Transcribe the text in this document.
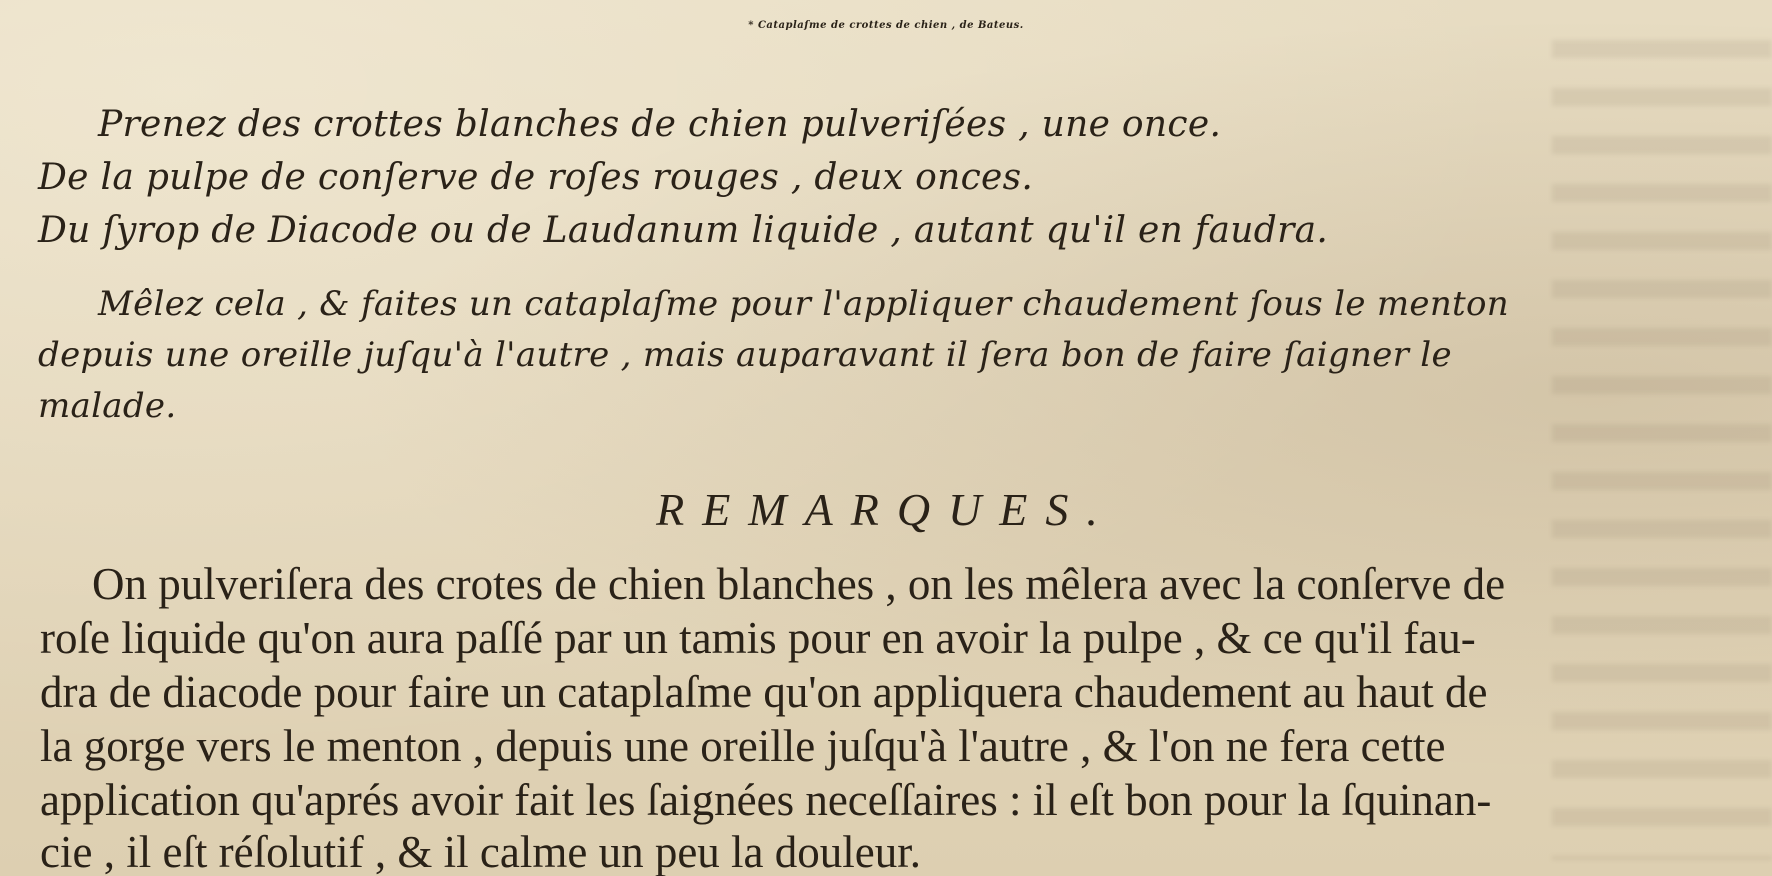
* Cataplaſme de crottes de chien , de Bateus.
Prenez des crottes blanches de chien pulveriſées , une once.
De la pulpe de conſerve de roſes rouges , deux onces.
Du ſyrop de Diacode ou de Laudanum liquide , autant qu'il en faudra.
Mêlez cela , & faites un cataplaſme pour l'appliquer chaudement ſous le menton
depuis une oreille juſqu'à l'autre , mais auparavant il ſera bon de faire ſaigner le
malade.
REMARQUES.
On pulveriſera des crotes de chien blanches , on les mêlera avec la conſerve de
roſe liquide qu'on aura paſſé par un tamis pour en avoir la pulpe , & ce qu'il fau-
dra de diacode pour faire un cataplaſme qu'on appliquera chaudement au haut de
la gorge vers le menton , depuis une oreille juſqu'à l'autre , & l'on ne fera cette
application qu'aprés avoir fait les ſaignées neceſſaires : il eſt bon pour la ſquinan-
cie , il eſt réſolutif , & il calme un peu la douleur.
